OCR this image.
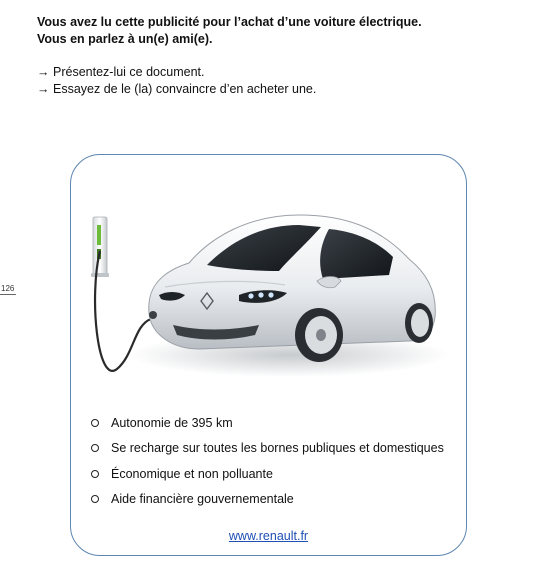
Vous avez lu cette publicité pour l’achat d’une voiture électrique.

Vous en parlez à un(e) ami(e).

→ Présentez-lui ce document.
→ Essayez de le (la) convaincre d’en acheter une.
126
Autonomie de 395 km
Se recharge sur toutes les bornes publiques et domestiques
Économique et non polluante
Aide financière gouvernementale
www.renault.fr
